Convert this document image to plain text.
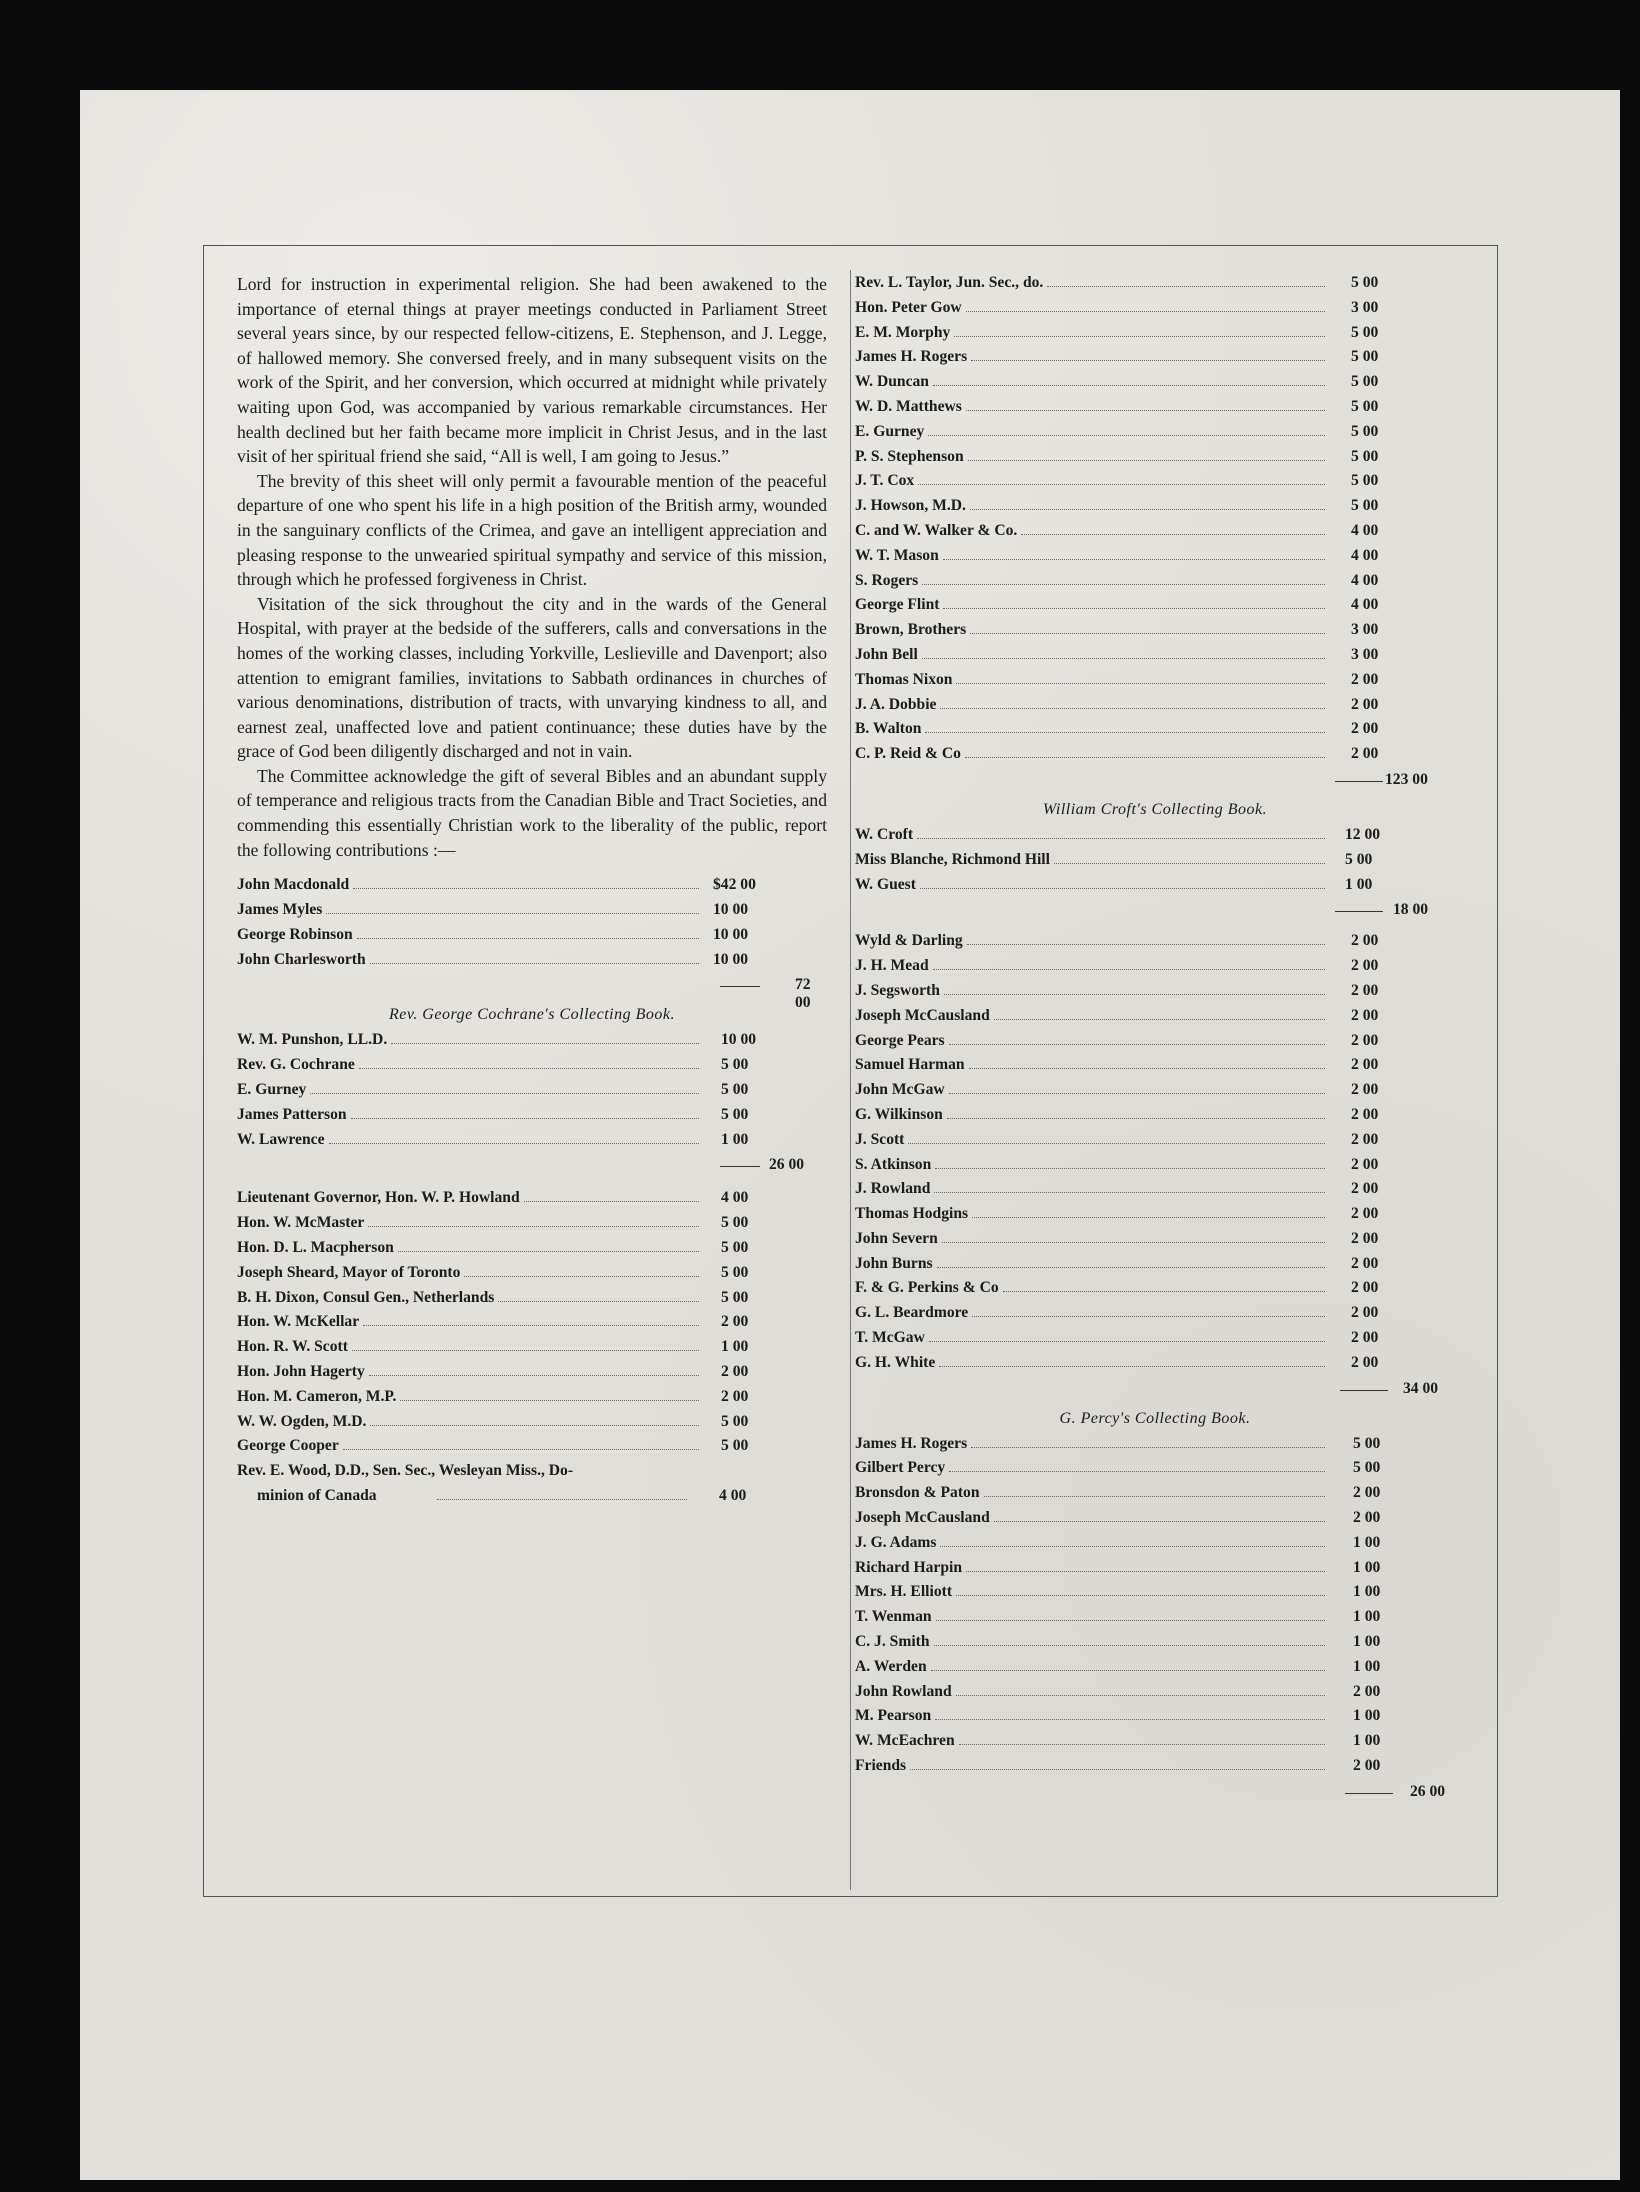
Lord for instruction in experimental religion. She had been awakened to the importance of eternal things at prayer meetings conducted in Parliament Street several years since, by our respected fellow-citizens, E. Stephenson, and J. Legge, of hallowed memory. She conversed freely, and in many subsequent visits on the work of the Spirit, and her conversion, which occurred at midnight while privately waiting upon God, was accompanied by various remarkable circumstances. Her health declined but her faith became more implicit in Christ Jesus, and in the last visit of her spiritual friend she said, “All is well, I am going to Jesus.”

The brevity of this sheet will only permit a favourable mention of the peaceful departure of one who spent his life in a high position of the British army, wounded in the sanguinary conflicts of the Crimea, and gave an intelligent appreciation and pleasing response to the unwearied spiritual sympathy and service of this mission, through which he professed forgiveness in Christ.

Visitation of the sick throughout the city and in the wards of the General Hospital, with prayer at the bedside of the sufferers, calls and conversations in the homes of the working classes, including Yorkville, Leslieville and Davenport; also attention to emigrant families, invitations to Sabbath ordinances in churches of various denominations, distribution of tracts, with unvarying kindness to all, and earnest zeal, unaffected love and patient continuance; these duties have by the grace of God been diligently discharged and not in vain.

The Committee acknowledge the gift of several Bibles and an abundant supply of temperance and religious tracts from the Canadian Bible and Tract Societies, and commending this essentially Christian work to the liberality of the public, report the following contributions :—

John Macdonald	$42 00
James Myles	10 00
George Robinson	10 00
John Charlesworth	10 00
72 00
Rev. George Cochrane's Collecting Book.
W. M. Punshon, LL.D.	10 00
Rev. G. Cochrane	5 00
E. Gurney	5 00
James Patterson	5 00
W. Lawrence	1 00
26 00
Lieutenant Governor, Hon. W. P. Howland	4 00
Hon. W. McMaster	5 00
Hon. D. L. Macpherson	5 00
Joseph Sheard, Mayor of Toronto	5 00
B. H. Dixon, Consul Gen., Netherlands	5 00
Hon. W. McKellar	2 00
Hon. R. W. Scott	1 00
Hon. John Hagerty	2 00
Hon. M. Cameron, M.P.	2 00
W. W. Ogden, M.D.	5 00
George Cooper	5 00
Rev. E. Wood, D.D., Sen. Sec., Wesleyan Miss., Do-
minion of Canada	4 00
Rev. L. Taylor, Jun. Sec., do.	5 00
Hon. Peter Gow	3 00
E. M. Morphy	5 00
James H. Rogers	5 00
W. Duncan	5 00
W. D. Matthews	5 00
E. Gurney	5 00
P. S. Stephenson	5 00
J. T. Cox	5 00
J. Howson, M.D.	5 00
C. and W. Walker & Co.	4 00
W. T. Mason	4 00
S. Rogers	4 00
George Flint	4 00
Brown, Brothers	3 00
John Bell	3 00
Thomas Nixon	2 00
J. A. Dobbie	2 00
B. Walton	2 00
C. P. Reid & Co	2 00
123 00
William Croft's Collecting Book.
W. Croft	12 00
Miss Blanche, Richmond Hill	5 00
W. Guest	1 00
18 00
Wyld & Darling	2 00
J. H. Mead	2 00
J. Segsworth	2 00
Joseph McCausland	2 00
George Pears	2 00
Samuel Harman	2 00
John McGaw	2 00
G. Wilkinson	2 00
J. Scott	2 00
S. Atkinson	2 00
J. Rowland	2 00
Thomas Hodgins	2 00
John Severn	2 00
John Burns	2 00
F. & G. Perkins & Co	2 00
G. L. Beardmore	2 00
T. McGaw	2 00
G. H. White	2 00
34 00
G. Percy's Collecting Book.
James H. Rogers	5 00
Gilbert Percy	5 00
Bronsdon & Paton	2 00
Joseph McCausland	2 00
J. G. Adams	1 00
Richard Harpin	1 00
Mrs. H. Elliott	1 00
T. Wenman	1 00
C. J. Smith	1 00
A. Werden	1 00
John Rowland	2 00
M. Pearson	1 00
W. McEachren	1 00
Friends	2 00
26 00
